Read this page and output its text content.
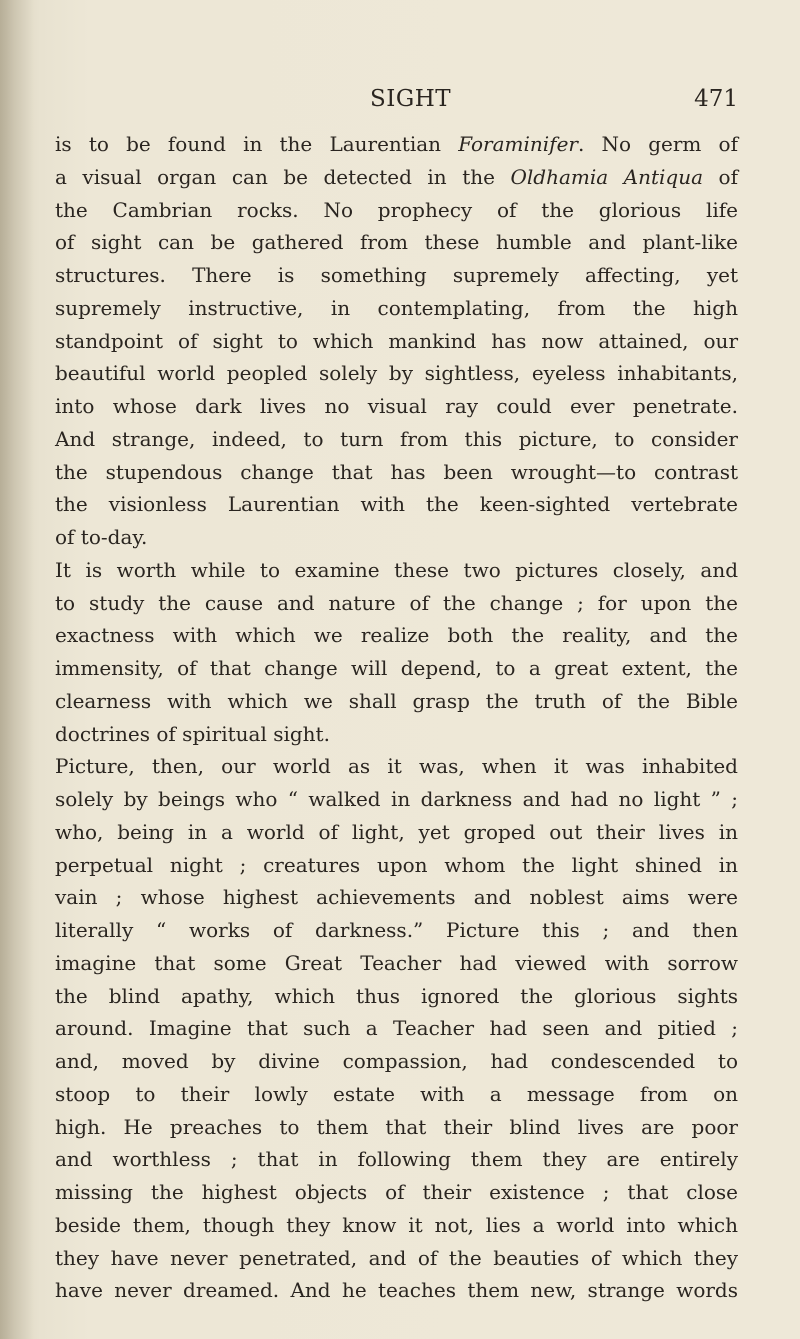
SIGHT	471
is to be found in the Laurentian Foraminifer. No germ of
a visual organ can be detected in the Oldhamia Antiqua of
the Cambrian rocks. No prophecy of the glorious life
of sight can be gathered from these humble and plant-like
structures. There is something supremely affecting, yet
supremely instructive, in contemplating, from the high
standpoint of sight to which mankind has now attained, our
beautiful world peopled solely by sightless, eyeless inhabitants,
into whose dark lives no visual ray could ever penetrate.
And strange, indeed, to turn from this picture, to consider
the stupendous change that has been wrought—to contrast
the visionless Laurentian with the keen-sighted vertebrate
of to-day.
It is worth while to examine these two pictures closely, and
to study the cause and nature of the change ; for upon the
exactness with which we realize both the reality, and the
immensity, of that change will depend, to a great extent, the
clearness with which we shall grasp the truth of the Bible
doctrines of spiritual sight.
Picture, then, our world as it was, when it was inhabited
solely by beings who “ walked in darkness and had no light ” ;
who, being in a world of light, yet groped out their lives in
perpetual night ; creatures upon whom the light shined in
vain ; whose highest achievements and noblest aims were
literally “ works of darkness.” Picture this ; and then
imagine that some Great Teacher had viewed with sorrow
the blind apathy, which thus ignored the glorious sights
around. Imagine that such a Teacher had seen and pitied ;
and, moved by divine compassion, had condescended to
stoop to their lowly estate with a message from on
high. He preaches to them that their blind lives are poor
and worthless ; that in following them they are entirely
missing the highest objects of their existence ; that close
beside them, though they know it not, lies a world into which
they have never penetrated, and of the beauties of which they
have never dreamed. And he teaches them new, strange words
